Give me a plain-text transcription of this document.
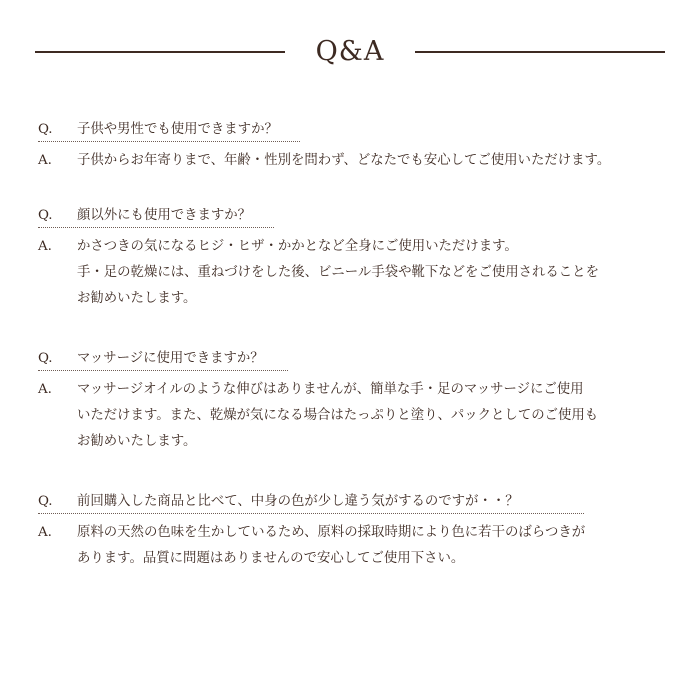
Q&A
Q.	子供や男性でも使用できますか？
A.	子供からお年寄りまで、年齢・性別を問わず、どなたでも安心してご使用いただけます。
Q.	顔以外にも使用できますか？
A.	かさつきの気になるヒジ・ヒザ・かかとなど全身にご使用いただけます。
手・足の乾燥には、重ねづけをした後、ビニール手袋や靴下などをご使用されることを
お勧めいたします。
Q.	マッサージに使用できますか？
A.	マッサージオイルのような伸びはありませんが、簡単な手・足のマッサージにご使用
いただけます。また、乾燥が気になる場合はたっぷりと塗り、パックとしてのご使用も
お勧めいたします。
Q.	前回購入した商品と比べて、中身の色が少し違う気がするのですが・・？
A.	原料の天然の色味を生かしているため、原料の採取時期により色に若干のばらつきが
あります。品質に問題はありませんので安心してご使用下さい。
